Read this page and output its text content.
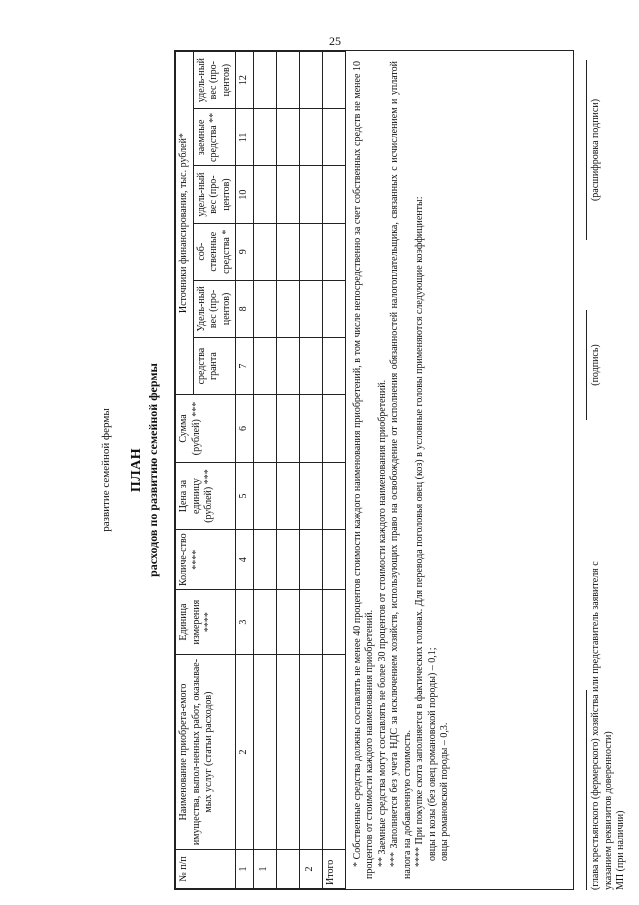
25
развитие семейной фермы ПЛАН расходов по развитию семейной фермы
№ п/п	Наименование приобрета-емого имущества, выпол-ненных работ, оказывае-мых услуг (статьи расходов)	Единица измерения ****	Количе-ство ****	Цена за единицу (рублей) ***	Сумма (рублей) ***	Источники финансирования, тыс. рублей*					
						средства гранта	Удель-ный вес (про-центов)	соб-ственные средства *	удель-ный вес (про-центов)	заемные средства **	удель-ный вес (про-центов)
1	2	3	4	5	6	7	8	9	10	11	12
1											

2											
Итого											

* Собственные средства должны составлять не менее 40 процентов стоимости каждого наименования приобретений, в том числе непосредственно за счет собственных средств не менее 10 процентов от стоимости каждого наименования приобретений. ** Заемные средства могут составлять не более 30 процентов от стоимости каждого наименования приобретений. *** Заполняется без учета НДС за исключением хозяйств, использующих право на освобождение от исполнения обязанностей налогоплательщика, связанных с исчислением и уплатой налога на добавленную стоимость. **** При покупке скота заполняется в фактических головах. Для перевода поголовья овец (коз) в условные головы применяются следующие коэффициенты: овцы и козы (без овец романовской породы) – 0,1; овцы романовской породы – 0,3.	(глава крестьянского (фермерского) хозяйства или представитель заявителя с указанием реквизитов доверенности) МП (при наличии)
(подпись)
(расшифровка подписи)
